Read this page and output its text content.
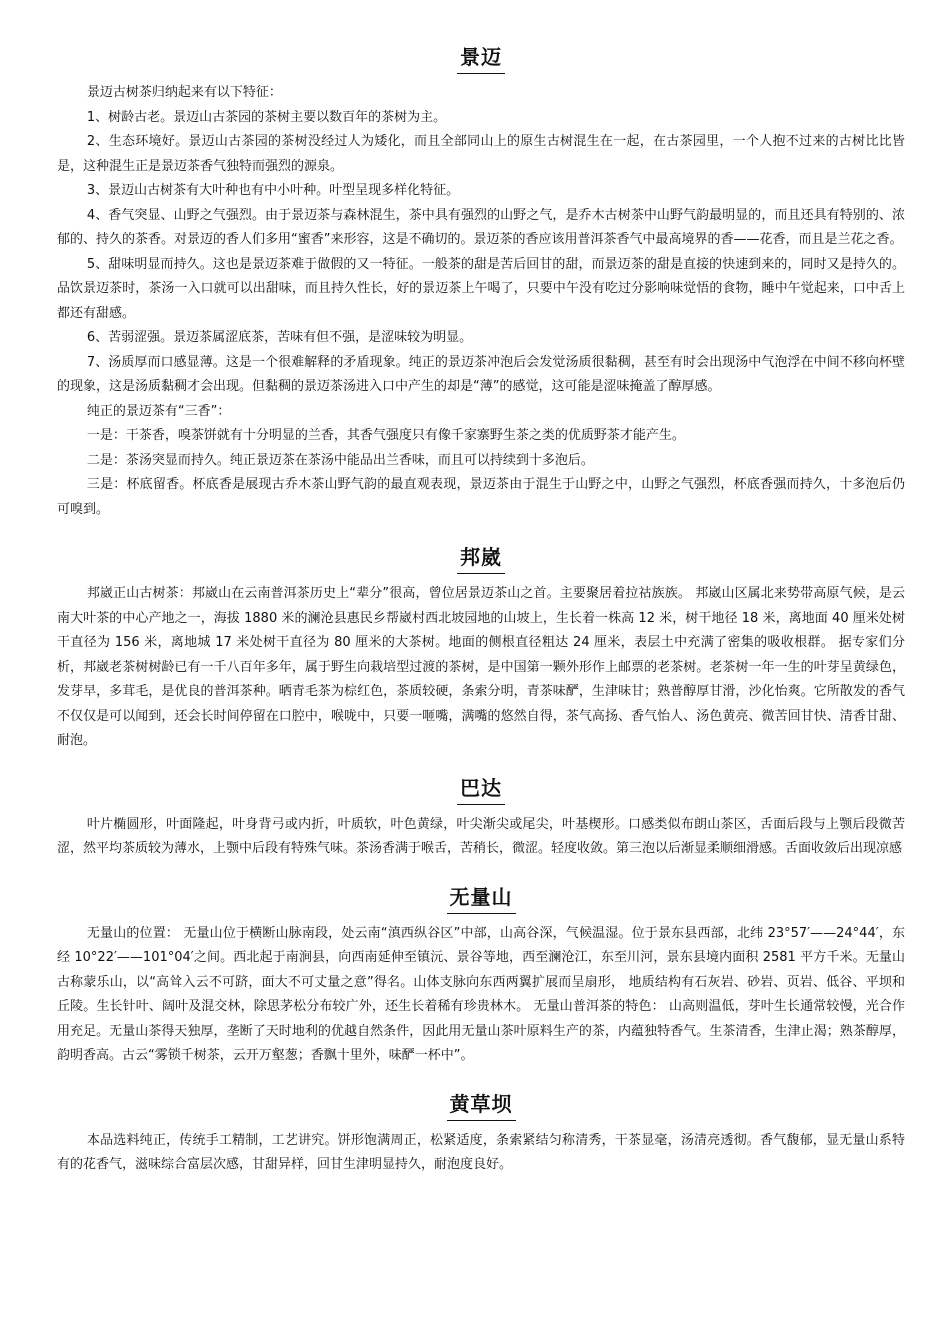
景迈

景迈古树茶归纳起来有以下特征：

1、树龄古老。景迈山古茶园的茶树主要以数百年的茶树为主。

2、生态环境好。景迈山古茶园的茶树没经过人为矮化，而且全部同山上的原生古树混生在一起，在古茶园里，一个人抱不过来的古树比比皆是，这种混生正是景迈茶香气独特而强烈的源泉。

3、景迈山古树茶有大叶种也有中小叶种。叶型呈现多样化特征。

4、香气突显、山野之气强烈。由于景迈茶与森林混生，茶中具有强烈的山野之气，是乔木古树茶中山野气韵最明显的，而且还具有特别的、浓郁的、持久的茶香。对景迈的香人们多用“蜜香”来形容，这是不确切的。景迈茶的香应该用普洱茶香气中最高境界的香——花香，而且是兰花之香。

5、甜味明显而持久。这也是景迈茶难于做假的又一特征。一般茶的甜是苦后回甘的甜，而景迈茶的甜是直接的快速到来的，同时又是持久的。品饮景迈茶时，茶汤一入口就可以出甜味，而且持久性长，好的景迈茶上午喝了，只要中午没有吃过分影响味觉悟的食物，睡中午觉起来，口中舌上都还有甜感。

6、苦弱涩强。景迈茶属涩底茶，苦味有但不强，是涩味较为明显。

7、汤质厚而口感显薄。这是一个很难解释的矛盾现象。纯正的景迈茶冲泡后会发觉汤质很黏稠，甚至有时会出现汤中气泡浮在中间不移向杯壁的现象，这是汤质黏稠才会出现。但黏稠的景迈茶汤进入口中产生的却是“薄”的感觉，这可能是涩味掩盖了醇厚感。

纯正的景迈茶有“三香”：

一是：干茶香，嗅茶饼就有十分明显的兰香，其香气强度只有像千家寨野生茶之类的优质野茶才能产生。

二是：茶汤突显而持久。纯正景迈茶在茶汤中能品出兰香味，而且可以持续到十多泡后。

三是：杯底留香。杯底香是展现古乔木茶山野气韵的最直观表现，景迈茶由于混生于山野之中，山野之气强烈，杯底香强而持久，十多泡后仍可嗅到。

邦崴

邦崴正山古树茶：邦崴山在云南普洱茶历史上“辈分”很高，曾位居景迈茶山之首。主要聚居着拉祜族族。 邦崴山区属北来势带高原气候，是云南大叶茶的中心产地之一，海拔 1880 米的澜沧县惠民乡帮崴村西北坡园地的山坡上，生长着一株高 12 米，树干地径 18 米，离地面 40 厘米处树干直径为 156 米，离地城 17 米处树干直径为 80 厘米的大茶树。地面的侧根直径粗达 24 厘米，表层土中充满了密集的吸收根群。 据专家们分析，邦崴老茶树树龄已有一千八百年多年，属于野生向栽培型过渡的茶树，是中国第一颗外形作上邮票的老茶树。老茶树一年一生的叶芽呈黄绿色，发芽早，多茸毛，是优良的普洱茶种。晒青毛茶为棕红色，茶质较硬，条索分明，青茶味酽，生津味甘；熟普醇厚甘滑，沙化怡爽。它所散发的香气不仅仅是可以闻到，还会长时间停留在口腔中，喉咙中，只要一咂嘴，满嘴的悠然自得，茶气高扬、香气怡人、汤色黄亮、微苦回甘快、清香甘甜、耐泡。

巴达

叶片椭圆形，叶面隆起，叶身背弓或内折，叶质软，叶色黄绿，叶尖渐尖或尾尖，叶基楔形。口感类似布朗山茶区，舌面后段与上颚后段微苦涩，然平均茶质较为薄水，上颚中后段有特殊气味。茶汤香满于喉舌，苦稍长，微涩。轻度收敛。第三泡以后渐显柔顺细滑感。舌面收敛后出现凉感

无量山

无量山的位置： 无量山位于横断山脉南段，处云南“滇西纵谷区”中部，山高谷深，气候温湿。位于景东县西部，北纬 23°57′——24°44′，东经 10°22′——101°04′之间。西北起于南涧县，向西南延伸至镇沅、景谷等地，西至澜沧江，东至川河，景东县境内面积 2581 平方千米。无量山古称蒙乐山，以“高耸入云不可跻，面大不可丈量之意”得名。山体支脉向东西两翼扩展而呈扇形， 地质结构有石灰岩、砂岩、页岩、低谷、平坝和丘陵。生长针叶、阔叶及混交林，除思茅松分布较广外，还生长着稀有珍贵林木。 无量山普洱茶的特色： 山高则温低，芽叶生长通常较慢，光合作用充足。无量山茶得天独厚，垄断了天时地利的优越自然条件，因此用无量山茶叶原料生产的茶，内蕴独特香气。生茶清香，生津止渴；熟茶醇厚，韵明香高。古云“雾锁千树茶，云开万壑葱；香飘十里外，味酽一杯中”。

黄草坝

本品选料纯正，传统手工精制，工艺讲究。饼形饱满周正，松紧适度，条索紧结匀称清秀，干茶显毫，汤清亮透彻。香气馥郁，显无量山系特有的花香气，滋味综合富层次感，甘甜异样，回甘生津明显持久，耐泡度良好。
